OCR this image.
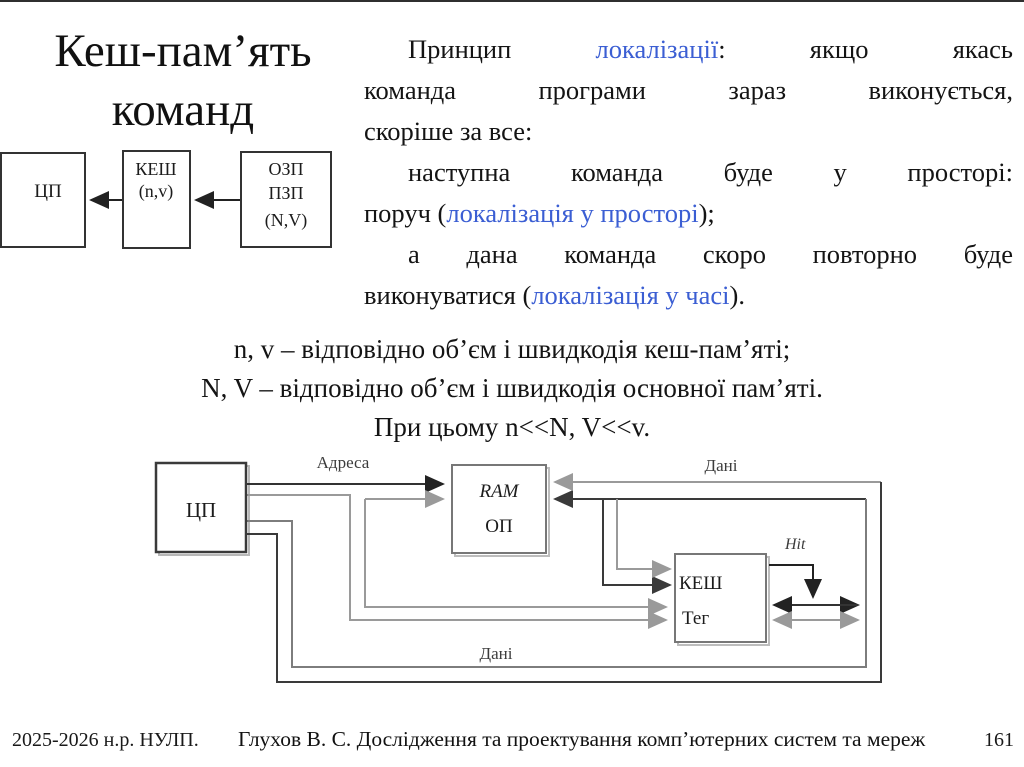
Кеш-пам’ять
команд
Принцип локалізації: якщо якась
команда програми зараз виконується,
скоріше за все:
наступна команда буде у просторі:
поруч (локалізація у просторі);
а дана команда скоро повторно буде
виконуватися (локалізація у часі).
n, v – відповідно об’єм і швидкодія кеш-пам’яті;
N, V – відповідно об’єм і швидкодія основної пам’яті.
При цьому n<<N, V<<v.
ЦП
КЕШ
(n,v)
ОЗП
ПЗП
(N,V)
ЦП
RAM
ОП
КЕШ
Тег
Адреса	Дані
Hit
Дані
2025-2026 н.р. НУЛП. Глухов В. С. Дослідження та проектування комп’ютерних систем та мереж	161
